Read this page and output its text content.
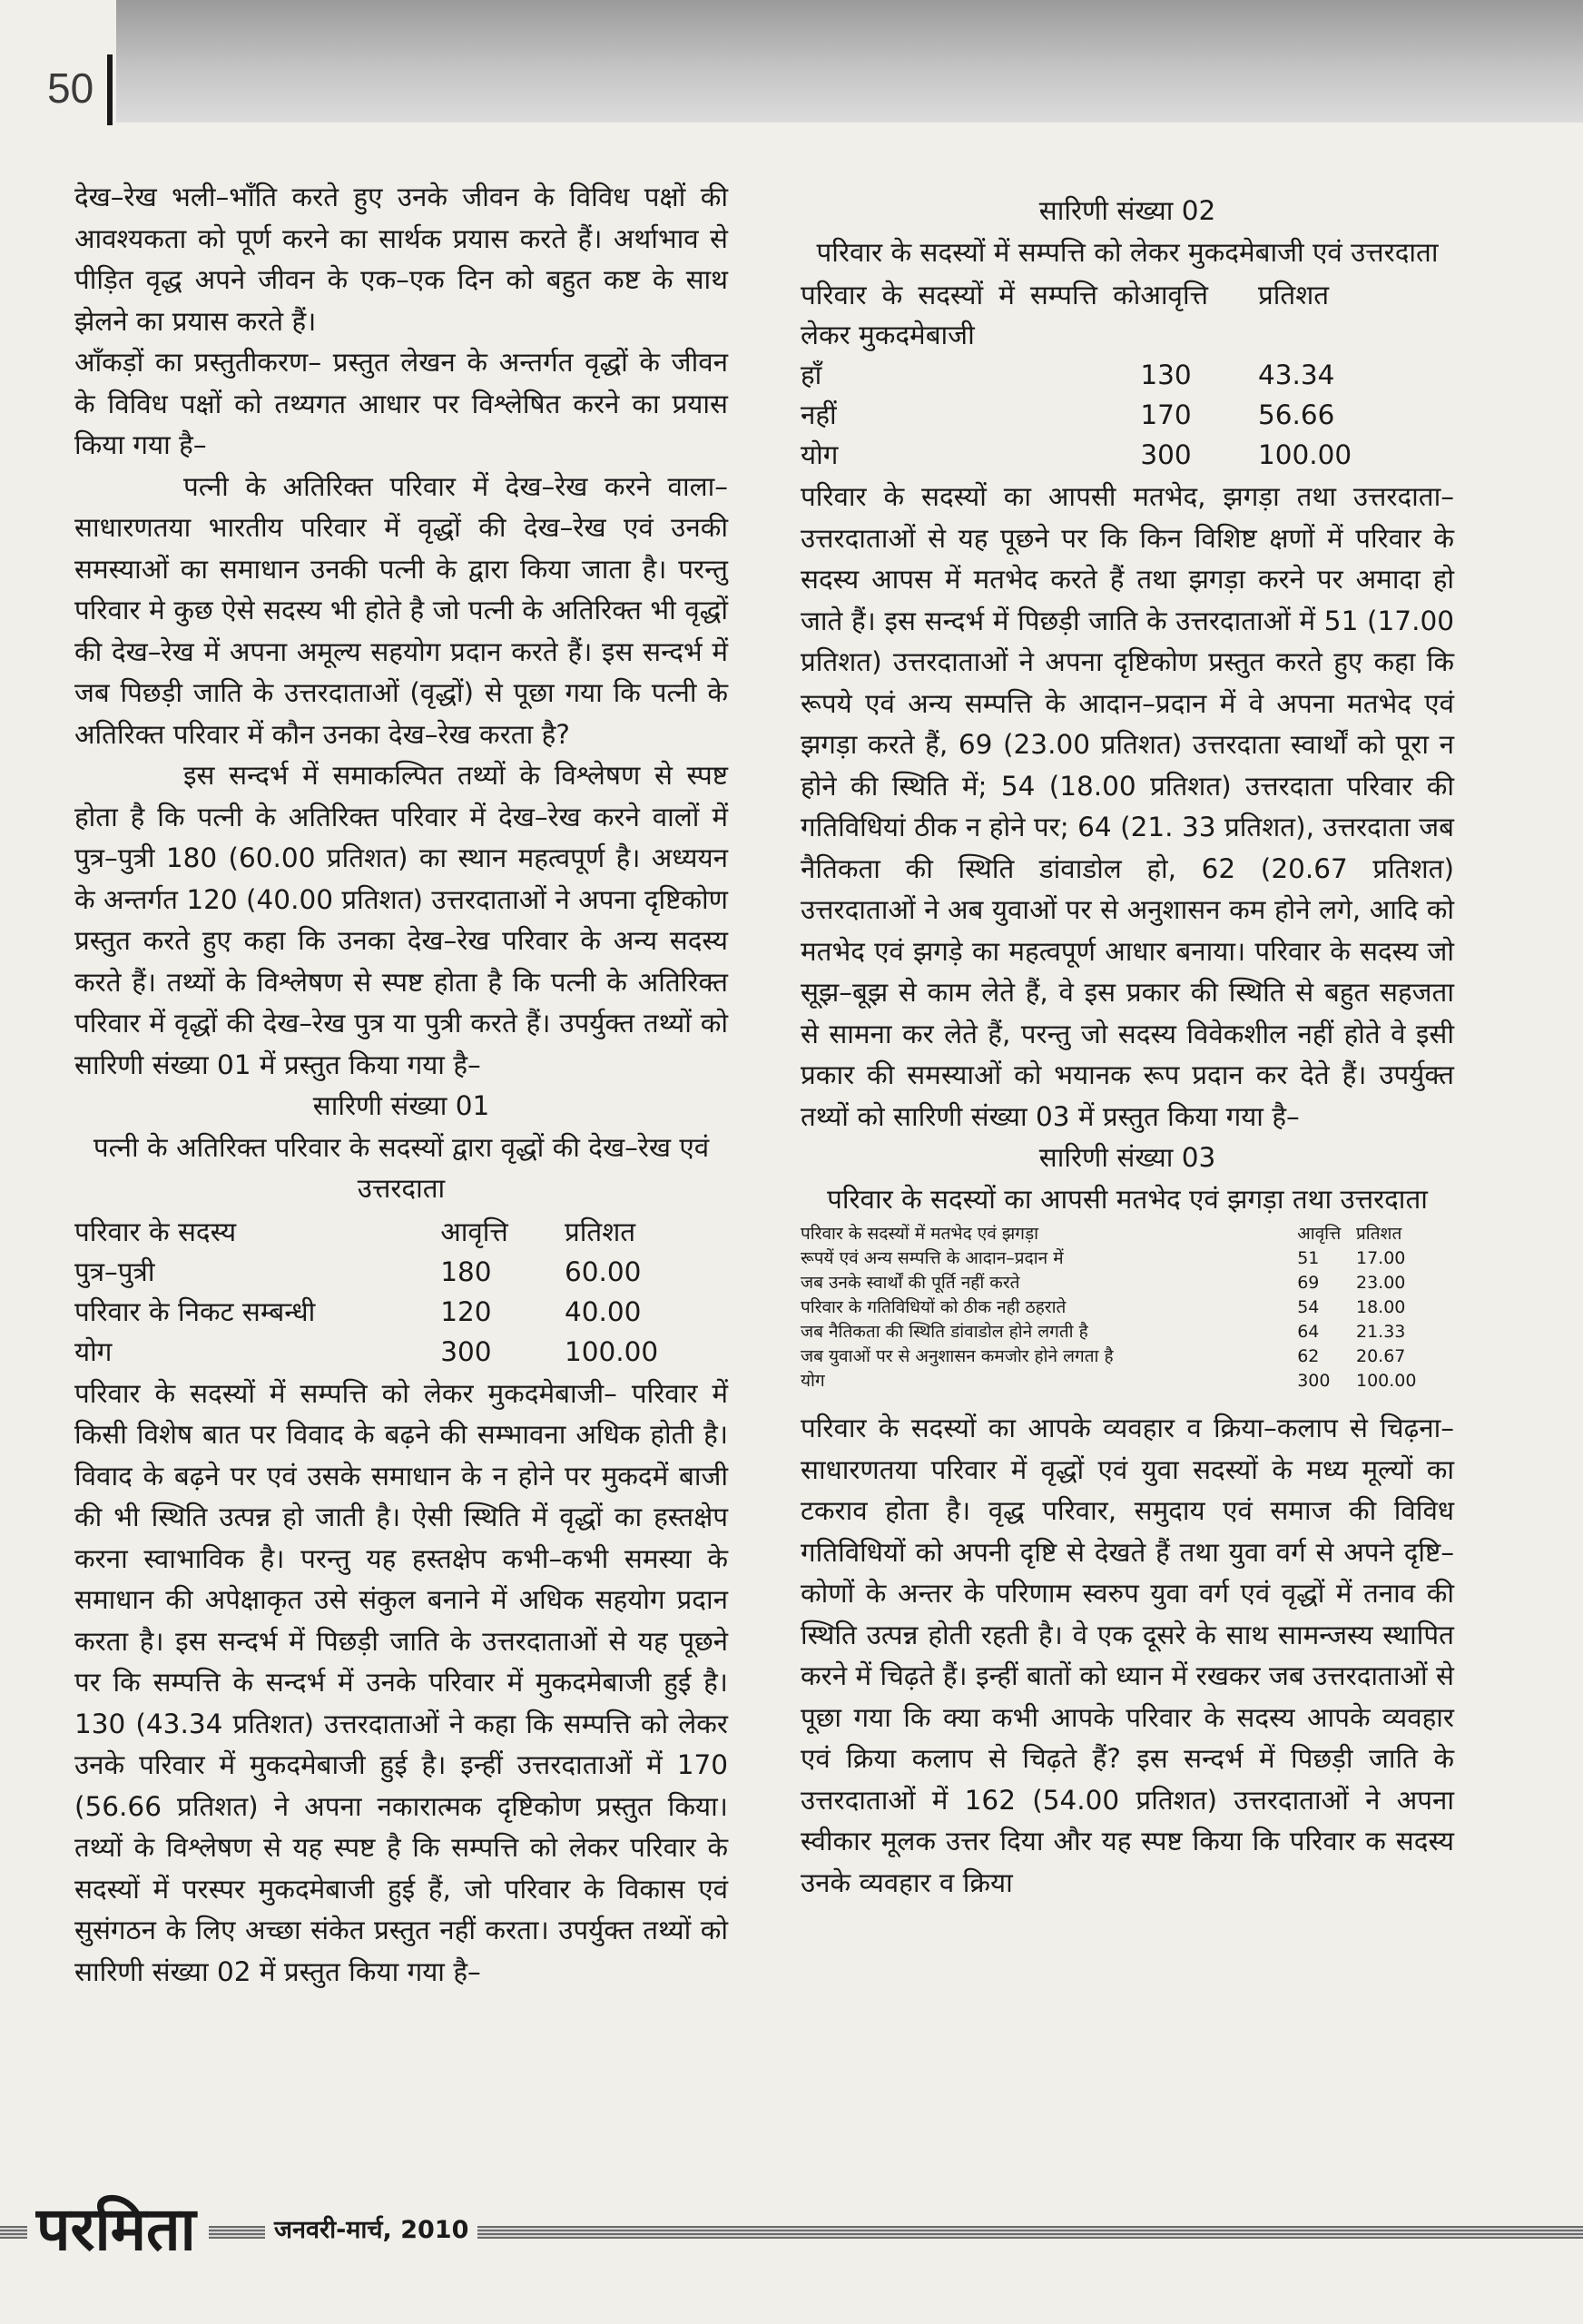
50

देख–रेख भली–भाँति करते हुए उनके जीवन के विविध पक्षों की आवश्यकता को पूर्ण करने का सार्थक प्रयास करते हैं। अर्थाभाव से पीड़ित वृद्ध अपने जीवन के एक–एक दिन को बहुत कष्ट के साथ झेलने का प्रयास करते हैं।

आँकड़ों का प्रस्तुतीकरण– प्रस्तुत लेखन के अन्तर्गत वृद्धों के जीवन के विविध पक्षों को तथ्यगत आधार पर विश्लेषित करने का प्रयास किया गया है–

पत्नी के अतिरिक्त परिवार में देख–रेख करने वाला– साधारणतया भारतीय परिवार में वृद्धों की देख–रेख एवं उनकी समस्याओं का समाधान उनकी पत्नी के द्वारा किया जाता है। परन्तु परिवार मे कुछ ऐसे सदस्य भी होते है जो पत्नी के अतिरिक्त भी वृद्धों की देख–रेख में अपना अमूल्य सहयोग प्रदान करते हैं। इस सन्दर्भ में जब पिछड़ी जाति के उत्तरदाताओं (वृद्धों) से पूछा गया कि पत्नी के अतिरिक्त परिवार में कौन उनका देख–रेख करता है?

इस सन्दर्भ में समाकल्पित तथ्यों के विश्लेषण से स्पष्ट होता है कि पत्नी के अतिरिक्त परिवार में देख–रेख करने वालों में पुत्र–पुत्री 180 (60.00 प्रतिशत) का स्थान महत्वपूर्ण है। अध्ययन के अन्तर्गत 120 (40.00 प्रतिशत) उत्तरदाताओं ने अपना दृष्टिकोण प्रस्तुत करते हुए कहा कि उनका देख–रेख परिवार के अन्य सदस्य करते हैं। तथ्यों के विश्लेषण से स्पष्ट होता है कि पत्नी के अतिरिक्त परिवार में वृद्धों की देख–रेख पुत्र या पुत्री करते हैं। उपर्युक्त तथ्यों को सारिणी संख्या 01 में प्रस्तुत किया गया है–

सारिणी संख्या 01

पत्नी के अतिरिक्त परिवार के सदस्यों द्वारा वृद्धों की देख–रेख एवं उत्तरदाता

परिवार के सदस्य	आवृत्ति	प्रतिशत
पुत्र–पुत्री	180	60.00
परिवार के निकट सम्बन्धी	120	40.00
योग	300	100.00

परिवार के सदस्यों में सम्पत्ति को लेकर मुकदमेबाजी– परिवार में किसी विशेष बात पर विवाद के बढ़ने की सम्भावना अधिक होती है। विवाद के बढ़ने पर एवं उसके समाधान के न होने पर मुकदमें बाजी की भी स्थिति उत्पन्न हो जाती है। ऐसी स्थिति में वृद्धों का हस्तक्षेप करना स्वाभाविक है। परन्तु यह हस्तक्षेप कभी–कभी समस्या के समाधान की अपेक्षाकृत उसे संकुल बनाने में अधिक सहयोग प्रदान करता है। इस सन्दर्भ में पिछड़ी जाति के उत्तरदाताओं से यह पूछने पर कि सम्पत्ति के सन्दर्भ में उनके परिवार में मुकदमेबाजी हुई है। 130 (43.34 प्रतिशत) उत्तरदाताओं ने कहा कि सम्पत्ति को लेकर उनके परिवार में मुकदमेबाजी हुई है। इन्हीं उत्तरदाताओं में 170 (56.66 प्रतिशत) ने अपना नकारात्मक दृष्टिकोण प्रस्तुत किया। तथ्यों के विश्लेषण से यह स्पष्ट है कि सम्पत्ति को लेकर परिवार के सदस्यों में परस्पर मुकदमेबाजी हुई हैं, जो परिवार के विकास एवं सुसंगठन के लिए अच्छा संकेत प्रस्तुत नहीं करता। उपर्युक्त तथ्यों को सारिणी संख्या 02 में प्रस्तुत किया गया है–

सारिणी संख्या 02

परिवार के सदस्यों में सम्पत्ति को लेकर मुकदमेबाजी एवं उत्तरदाता

परिवार के सदस्यों में सम्पत्ति को लेकर मुकदमेबाजी	आवृत्ति	प्रतिशत
हाँ	130	43.34
नहीं	170	56.66
योग	300	100.00

परिवार के सदस्यों का आपसी मतभेद, झगड़ा तथा उत्तरदाता– उत्तरदाताओं से यह पूछने पर कि किन विशिष्ट क्षणों में परिवार के सदस्य आपस में मतभेद करते हैं तथा झगड़ा करने पर अमादा हो जाते हैं। इस सन्दर्भ में पिछड़ी जाति के उत्तरदाताओं में 51 (17.00 प्रतिशत) उत्तरदाताओं ने अपना दृष्टिकोण प्रस्तुत करते हुए कहा कि रूपये एवं अन्य सम्पत्ति के आदान–प्रदान में वे अपना मतभेद एवं झगड़ा करते हैं, 69 (23.00 प्रतिशत) उत्तरदाता स्वार्थों को पूरा न होने की स्थिति में; 54 (18.00 प्रतिशत) उत्तरदाता परिवार की गतिविधियां ठीक न होने पर; 64 (21. 33 प्रतिशत), उत्तरदाता जब नैतिकता की स्थिति डांवाडोल हो, 62 (20.67 प्रतिशत) उत्तरदाताओं ने अब युवाओं पर से अनुशासन कम होने लगे, आदि को मतभेद एवं झगड़े का महत्वपूर्ण आधार बनाया। परिवार के सदस्य जो सूझ–बूझ से काम लेते हैं, वे इस प्रकार की स्थिति से बहुत सहजता से सामना कर लेते हैं, परन्तु जो सदस्य विवेकशील नहीं होते वे इसी प्रकार की समस्याओं को भयानक रूप प्रदान कर देते हैं। उपर्युक्त तथ्यों को सारिणी संख्या 03 में प्रस्तुत किया गया है–

सारिणी संख्या 03

परिवार के सदस्यों का आपसी मतभेद एवं झगड़ा तथा उत्तरदाता

परिवार के सदस्यों में मतभेद एवं झगड़ा	आवृत्ति	प्रतिशत
रूपयें एवं अन्य सम्पत्ति के आदान–प्रदान में	51	17.00
जब उनके स्वार्थों की पूर्ति नहीं करते	69	23.00
परिवार के गतिविधियों को ठीक नही ठहराते	54	18.00
जब नैतिकता की स्थिति डांवाडोल होने लगती है	64	21.33
जब युवाओं पर से अनुशासन कमजोर होने लगता है	62	20.67
योग	300	100.00

परिवार के सदस्यों का आपके व्यवहार व क्रिया–कलाप से चिढ़ना– साधारणतया परिवार में वृद्धों एवं युवा सदस्यों के मध्य मूल्यों का टकराव होता है। वृद्ध परिवार, समुदाय एवं समाज की विविध गतिविधियों को अपनी दृष्टि से देखते हैं तथा युवा वर्ग से अपने दृष्टि–कोणों के अन्तर के परिणाम स्वरुप युवा वर्ग एवं वृद्धों में तनाव की स्थिति उत्पन्न होती रहती है। वे एक दूसरे के साथ सामन्जस्य स्थापित करने में चिढ़ते हैं। इन्हीं बातों को ध्यान में रखकर जब उत्तरदाताओं से पूछा गया कि क्या कभी आपके परिवार के सदस्य आपके व्यवहार एवं क्रिया कलाप से चिढ़ते हैं? इस सन्दर्भ में पिछड़ी जाति के उत्तरदाताओं में 162 (54.00 प्रतिशत) उत्तरदाताओं ने अपना स्वीकार मूलक उत्तर दिया और यह स्पष्ट किया कि परिवार क सदस्य उनके व्यवहार व क्रिया

परमिता	जनवरी-मार्च, 2010
